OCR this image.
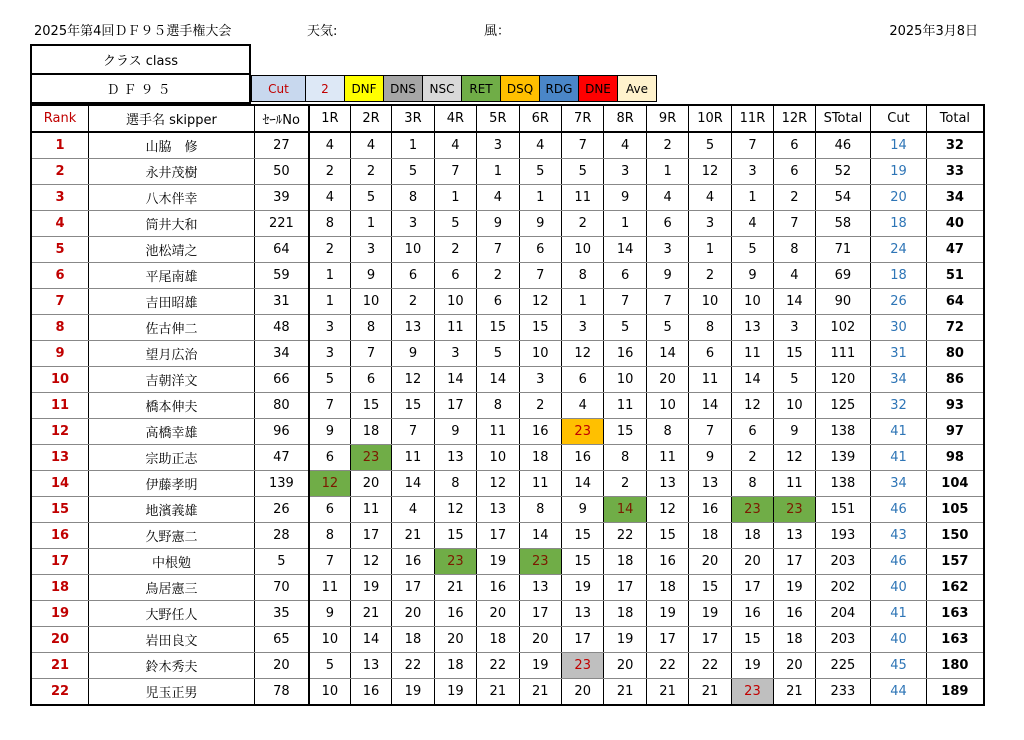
2025年第4回ＤＦ９５選手権大会	天気:	風：	2025年3月8日
クラス class
ＤＦ９５	Cut	2	DNF	DNS	NSC	RET	DSQ	RDG	DNE	Ave
Rank	選手名 skipper	ｾｰﾙNo	1R	2R	3R	4R	5R	6R	7R	8R	9R	10R	11R	12R	STotal	Cut	Total
1	山脇　修	27	4	4	1	4	3	4	7	4	2	5	7	6	46	14	32
2	永井茂樹	50	2	2	5	7	1	5	5	3	1	12	3	6	52	19	33
3	八木伴幸	39	4	5	8	1	4	1	11	9	4	4	1	2	54	20	34
4	筒井大和	221	8	1	3	5	9	9	2	1	6	3	4	7	58	18	40
5	池松靖之	64	2	3	10	2	7	6	10	14	3	1	5	8	71	24	47
6	平尾南雄	59	1	9	6	6	2	7	8	6	9	2	9	4	69	18	51
7	吉田昭雄	31	1	10	2	10	6	12	1	7	7	10	10	14	90	26	64
8	佐古伸二	48	3	8	13	11	15	15	3	5	5	8	13	3	102	30	72
9	望月広治	34	3	7	9	3	5	10	12	16	14	6	11	15	111	31	80
10	吉朝洋文	66	5	6	12	14	14	3	6	10	20	11	14	5	120	34	86
11	橋本伸夫	80	7	15	15	17	8	2	4	11	10	14	12	10	125	32	93
12	高橋幸雄	96	9	18	7	9	11	16	23	15	8	7	6	9	138	41	97
13	宗助正志	47	6	23	11	13	10	18	16	8	11	9	2	12	139	41	98
14	伊藤孝明	139	12	20	14	8	12	11	14	2	13	13	8	11	138	34	104
15	地濱義雄	26	6	11	4	12	13	8	9	14	12	16	23	23	151	46	105
16	久野憲二	28	8	17	21	15	17	14	15	22	15	18	18	13	193	43	150
17	中根勉	5	7	12	16	23	19	23	15	18	16	20	20	17	203	46	157
18	鳥居憲三	70	11	19	17	21	16	13	19	17	18	15	17	19	202	40	162
19	大野任人	35	9	21	20	16	20	17	13	18	19	19	16	16	204	41	163
20	岩田良文	65	10	14	18	20	18	20	17	19	17	17	15	18	203	40	163
21	鈴木秀夫	20	5	13	22	18	22	19	23	20	22	22	19	20	225	45	180
22	児玉正男	78	10	16	19	19	21	21	20	21	21	21	23	21	233	44	189
